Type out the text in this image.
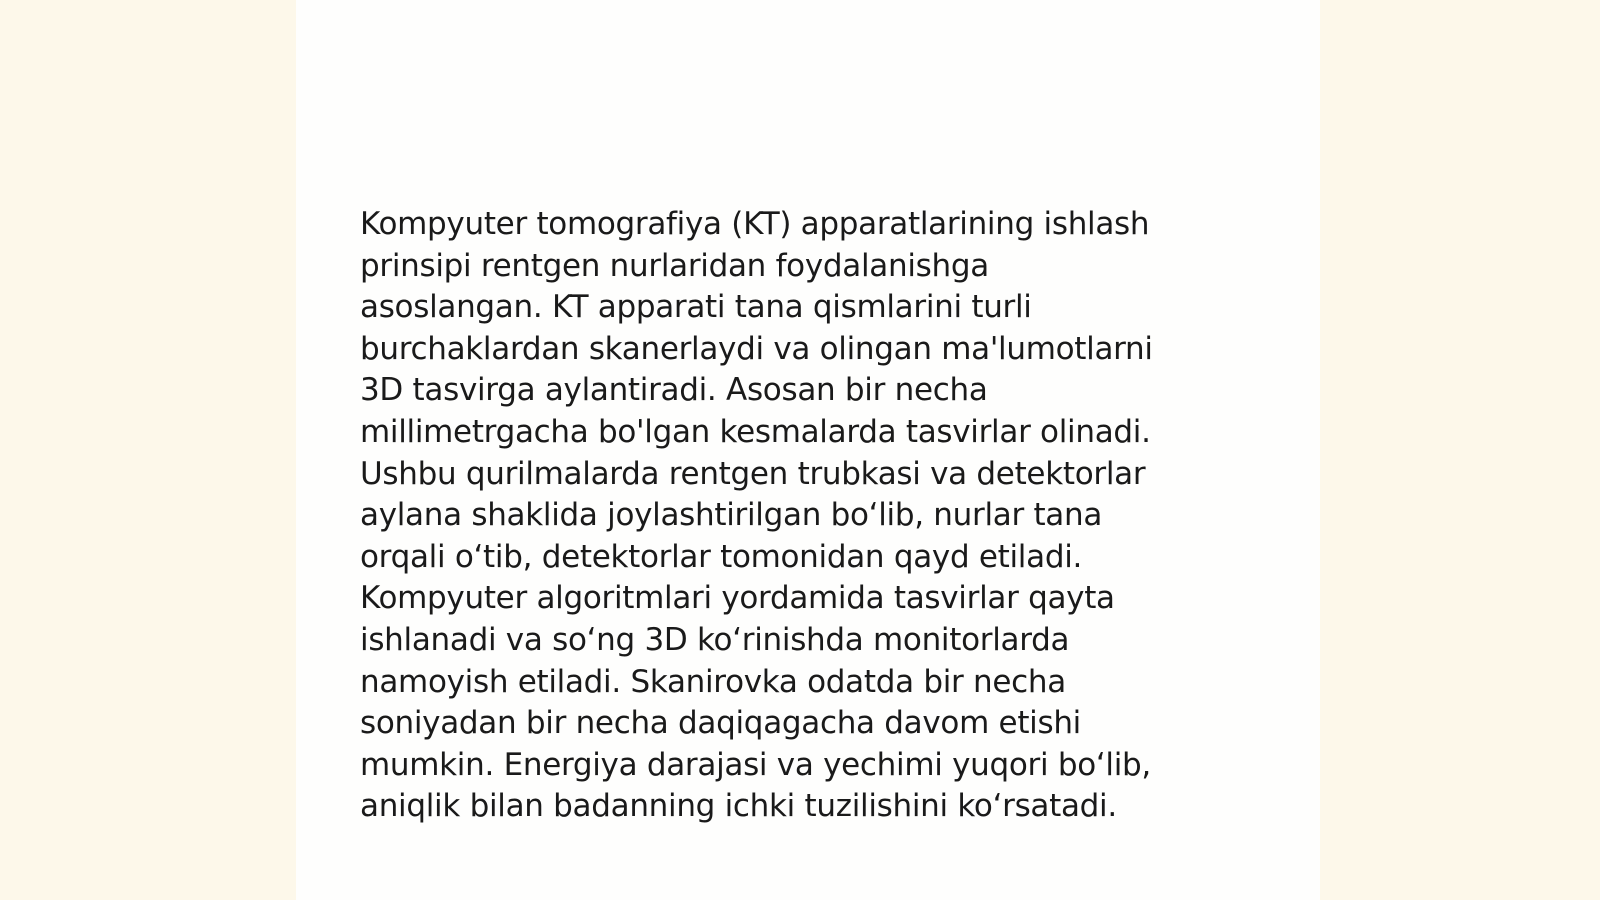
Kompyuter tomografiya (KT) apparatlarining ishlash
prinsipi rentgen nurlaridan foydalanishga
asoslangan. KT apparati tana qismlarini turli
burchaklardan skanerlaydi va olingan ma'lumotlarni
3D tasvirga aylantiradi. Asosan bir necha
millimetrgacha bo'lgan kesmalarda tasvirlar olinadi.
Ushbu qurilmalarda rentgen trubkasi va detektorlar
aylana shaklida joylashtirilgan bo‘lib, nurlar tana
orqali o‘tib, detektorlar tomonidan qayd etiladi.
Kompyuter algoritmlari yordamida tasvirlar qayta
ishlanadi va so‘ng 3D ko‘rinishda monitorlarda
namoyish etiladi. Skanirovka odatda bir necha
soniyadan bir necha daqiqagacha davom etishi
mumkin. Energiya darajasi va yechimi yuqori bo‘lib,
aniqlik bilan badanning ichki tuzilishini ko‘rsatadi.
